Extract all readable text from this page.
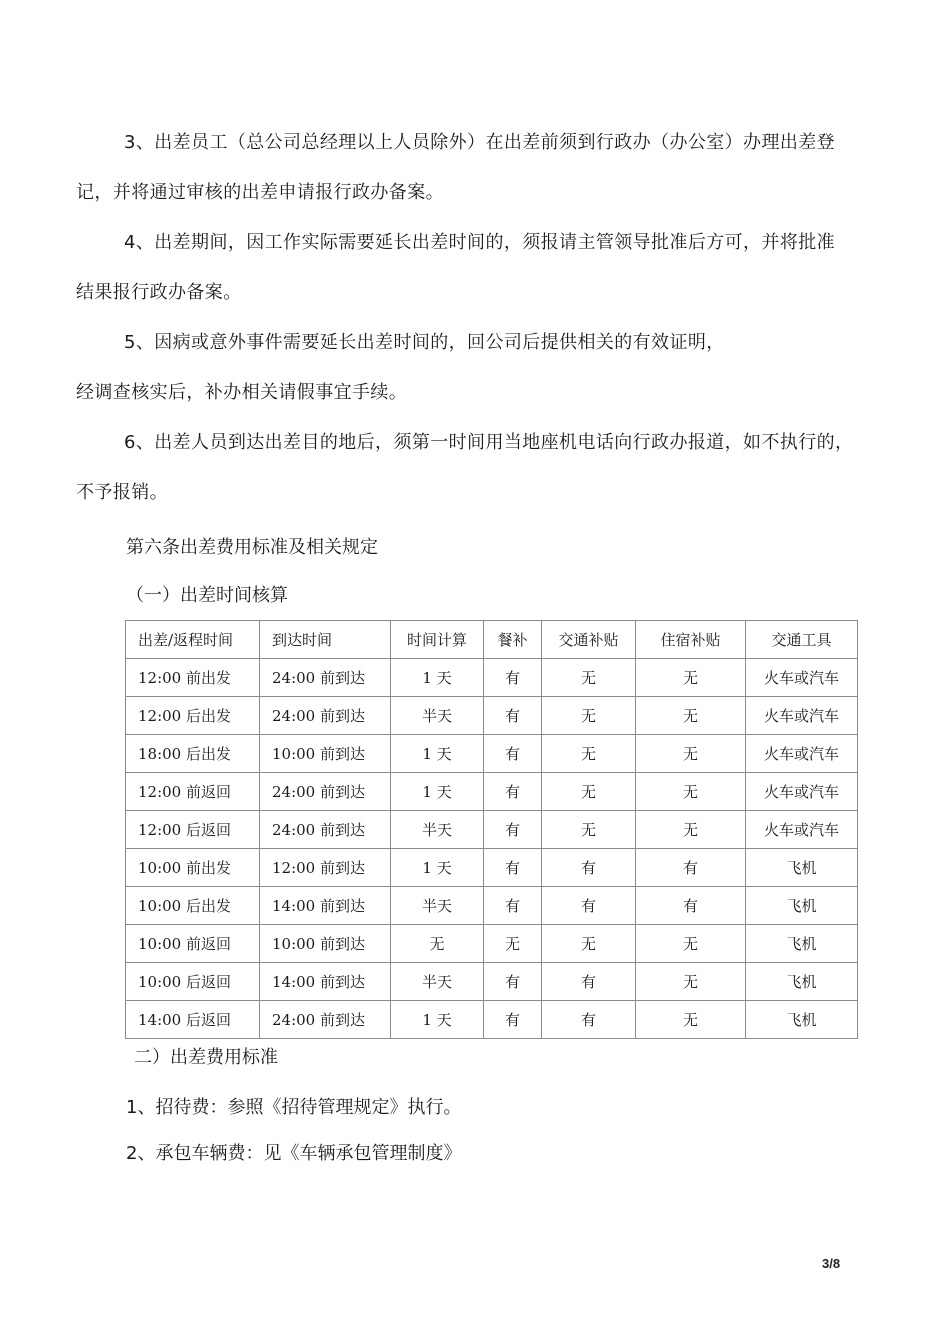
3、出差员工（总公司总经理以上人员除外）在出差前须到行政办（办公室）办理出差登
记，并将通过审核的出差申请报行政办备案。
4、出差期间，因工作实际需要延长出差时间的，须报请主管领导批准后方可，并将批准
结果报行政办备案。
5、因病或意外事件需要延长出差时间的，回公司后提供相关的有效证明，
经调查核实后，补办相关请假事宜手续。
6、出差人员到达出差目的地后，须第一时间用当地座机电话向行政办报道，如不执行的，
不予报销。
第六条出差费用标准及相关规定
（一）出差时间核算
出差/返程时间	到达时间	时间计算	餐补	交通补贴	住宿补贴	交通工具
12:00 前出发	24:00 前到达	1 天	有	无	无	火车或汽车
12:00 后出发	24:00 前到达	半天	有	无	无	火车或汽车
18:00 后出发	10:00 前到达	1 天	有	无	无	火车或汽车
12:00 前返回	24:00 前到达	1 天	有	无	无	火车或汽车
12:00 后返回	24:00 前到达	半天	有	无	无	火车或汽车
10:00 前出发	12:00 前到达	1 天	有	有	有	飞机
10:00 后出发	14:00 前到达	半天	有	有	有	飞机
10:00 前返回	10:00 前到达	无	无	无	无	飞机
10:00 后返回	14:00 前到达	半天	有	有	无	飞机
14:00 后返回	24:00 前到达	1 天	有	有	无	飞机
二）出差费用标准
1、招待费：参照《招待管理规定》执行。
2、承包车辆费：见《车辆承包管理制度》
3/8
